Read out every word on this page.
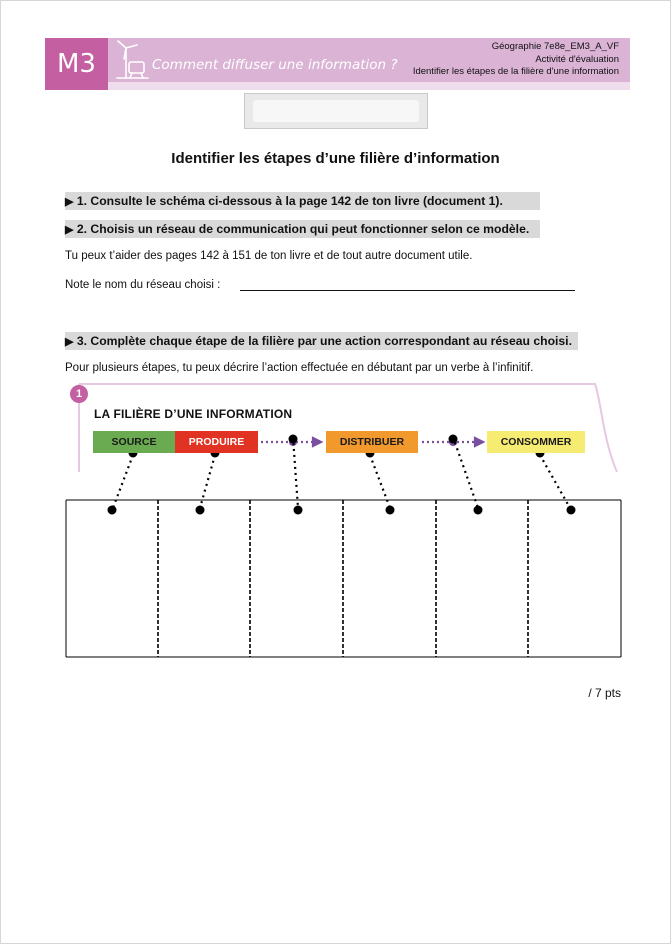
M3	Comment diffuser une information ?
Géographie 7e8e_EM3_A_VF
Activité d'évaluation
Identifier les étapes de la filière d'une information
Identifier les étapes d’une filière d’information
▶ 1. Consulte le schéma ci-dessous à la page 142 de ton livre (document 1).
▶ 2. Choisis un réseau de communication qui peut fonctionner selon ce modèle.
Tu peux t’aider des pages 142 à 151 de ton livre et de tout autre document utile.
Note le nom du réseau choisi :
▶ 3. Complète chaque étape de la filière par une action correspondant au réseau choisi.
Pour plusieurs étapes, tu peux décrire l’action effectuée en débutant par un verbe à l’infinitif.
1
LA FILIÈRE D’UNE INFORMATION
SOURCE	PRODUIRE	DISTRIBUER	CONSOMMER
/ 7 pts
